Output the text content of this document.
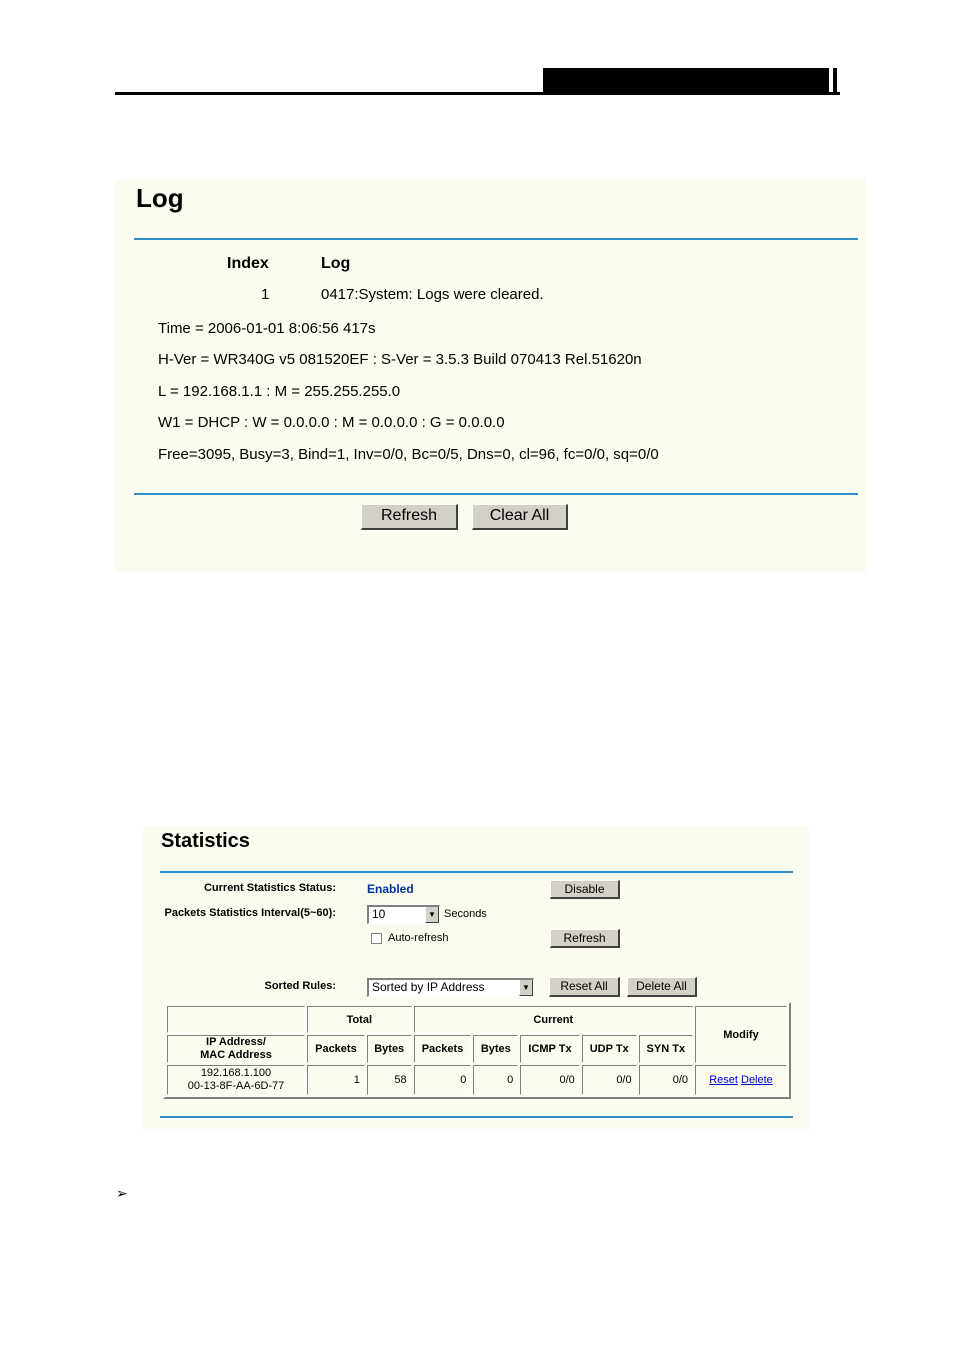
Log
Index	Log
1	0417:System: Logs were cleared.
Time = 2006-01-01 8:06:56 417s
H-Ver = WR340G v5 081520EF : S-Ver = 3.5.3 Build 070413 Rel.51620n
L = 192.168.1.1 : M = 255.255.255.0
W1 = DHCP : W = 0.0.0.0 : M = 0.0.0.0 : G = 0.0.0.0
Free=3095, Busy=3, Bind=1, Inv=0/0, Bc=0/5, Dns=0, cl=96, fc=0/0, sq=0/0
Refresh	Clear All
Statistics
Current Statistics Status:	Enabled	Disable
Packets Statistics Interval(5~60):	10	▼ Seconds
Auto-refresh	Refresh
Sorted Rules:	Sorted by IP Address	▼	Reset All	Delete All
	Total		Current					Modify

IP Address/
MAC Address	Packets	Bytes	Packets	Bytes	ICMP Tx	UDP Tx	SYN Tx	

192.168.1.100
00-13-8F-AA-6D-77	1	58	0	0	0/0	0/0	0/0	Reset Delete
➢
